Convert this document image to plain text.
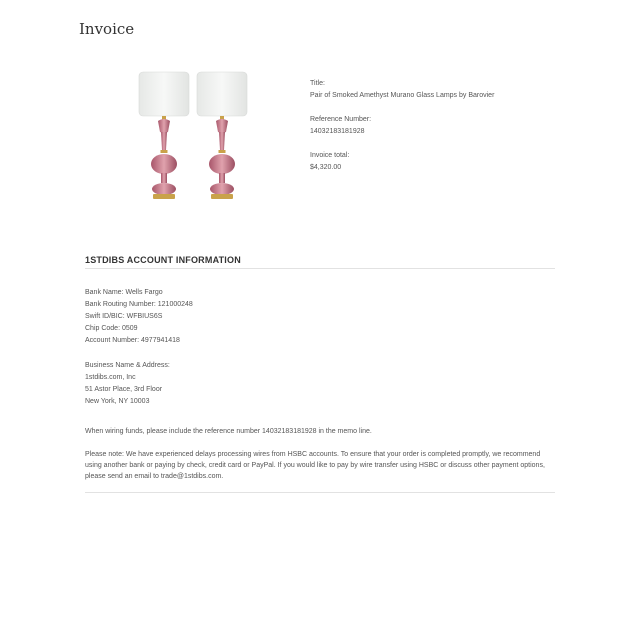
Invoice
Title:
Pair of Smoked Amethyst Murano Glass Lamps by Barovier
Reference Number:
14032183181928
Invoice total:
$4,320.00
1STDIBS ACCOUNT INFORMATION
Bank Name: Wells Fargo
Bank Routing Number: 121000248
Swift ID/BIC: WFBIUS6S
Chip Code: 0509
Account Number: 4977941418
Business Name & Address:
1stdibs.com, Inc
51 Astor Place, 3rd Floor
New York, NY 10003

When wiring funds, please include the reference number 14032183181928 in the memo line.

Please note: We have experienced delays processing wires from HSBC accounts. To ensure that your order is completed promptly, we recommend
using another bank or paying by check, credit card or PayPal. If you would like to pay by wire transfer using HSBC or discuss other payment options,
please send an email to trade@1stdibs.com.
